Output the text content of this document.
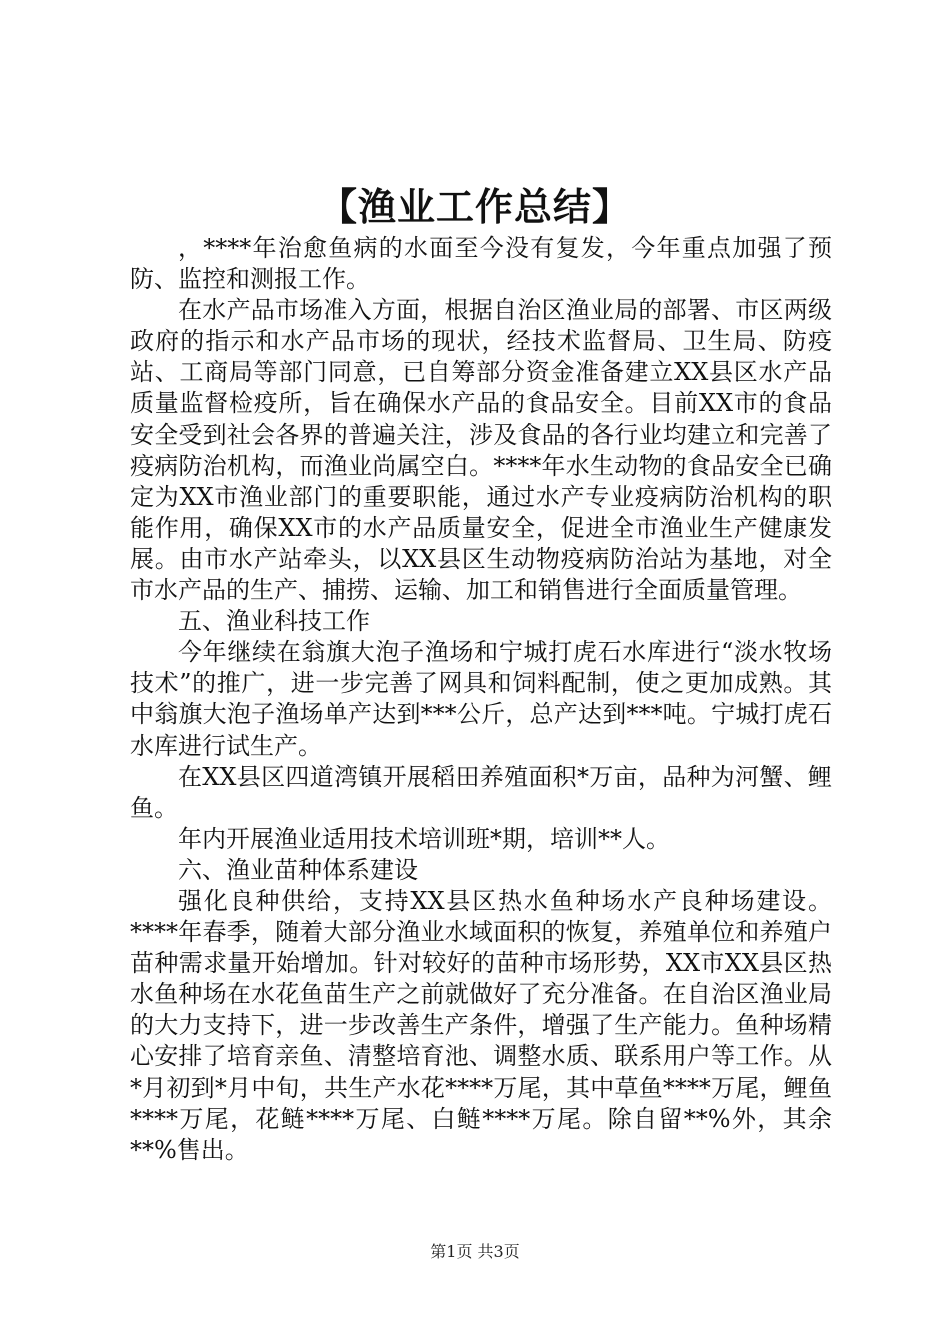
【渔业工作总结】

，****年治愈鱼病的水面至今没有复发，今年重点加强了预防、监控和测报工作。

在水产品市场准入方面，根据自治区渔业局的部署、市区两级政府的指示和水产品市场的现状，经技术监督局、卫生局、防疫站、工商局等部门同意，已自筹部分资金准备建立XX县区水产品质量监督检疫所，旨在确保水产品的食品安全。目前XX市的食品安全受到社会各界的普遍关注，涉及食品的各行业均建立和完善了疫病防治机构，而渔业尚属空白。****年水生动物的食品安全已确定为XX市渔业部门的重要职能，通过水产专业疫病防治机构的职能作用，确保XX市的水产品质量安全，促进全市渔业生产健康发展。由市水产站牵头，以XX县区生动物疫病防治站为基地，对全市水产品的生产、捕捞、运输、加工和销售进行全面质量管理。

五、渔业科技工作

今年继续在翁旗大泡子渔场和宁城打虎石水库进行“淡水牧场技术”的推广，进一步完善了网具和饲料配制，使之更加成熟。其中翁旗大泡子渔场单产达到***公斤，总产达到***吨。宁城打虎石水库进行试生产。

在XX县区四道湾镇开展稻田养殖面积*万亩，品种为河蟹、鲤鱼。

年内开展渔业适用技术培训班*期，培训**人。

六、渔业苗种体系建设

强化良种供给，支持XX县区热水鱼种场水产良种场建设。****年春季，随着大部分渔业水域面积的恢复，养殖单位和养殖户苗种需求量开始增加。针对较好的苗种市场形势，XX市XX县区热水鱼种场在水花鱼苗生产之前就做好了充分准备。在自治区渔业局的大力支持下，进一步改善生产条件，增强了生产能力。鱼种场精心安排了培育亲鱼、清整培育池、调整水质、联系用户等工作。从*月初到*月中旬，共生产水花****万尾，其中草鱼****万尾，鲤鱼****万尾，花鲢****万尾、白鲢****万尾。除自留**%外，其余**%售出。

第1页 共3页
